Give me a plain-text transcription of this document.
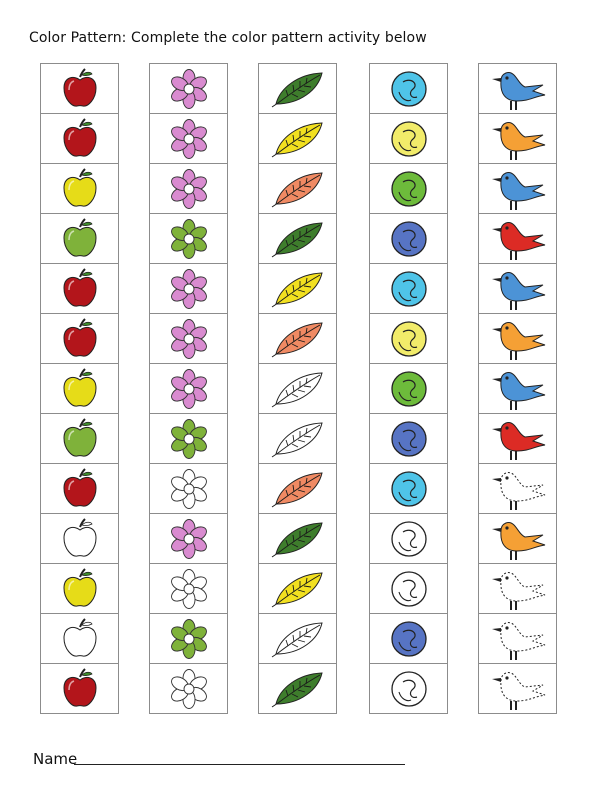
Color Pattern: Complete the color pattern activity below
Name
